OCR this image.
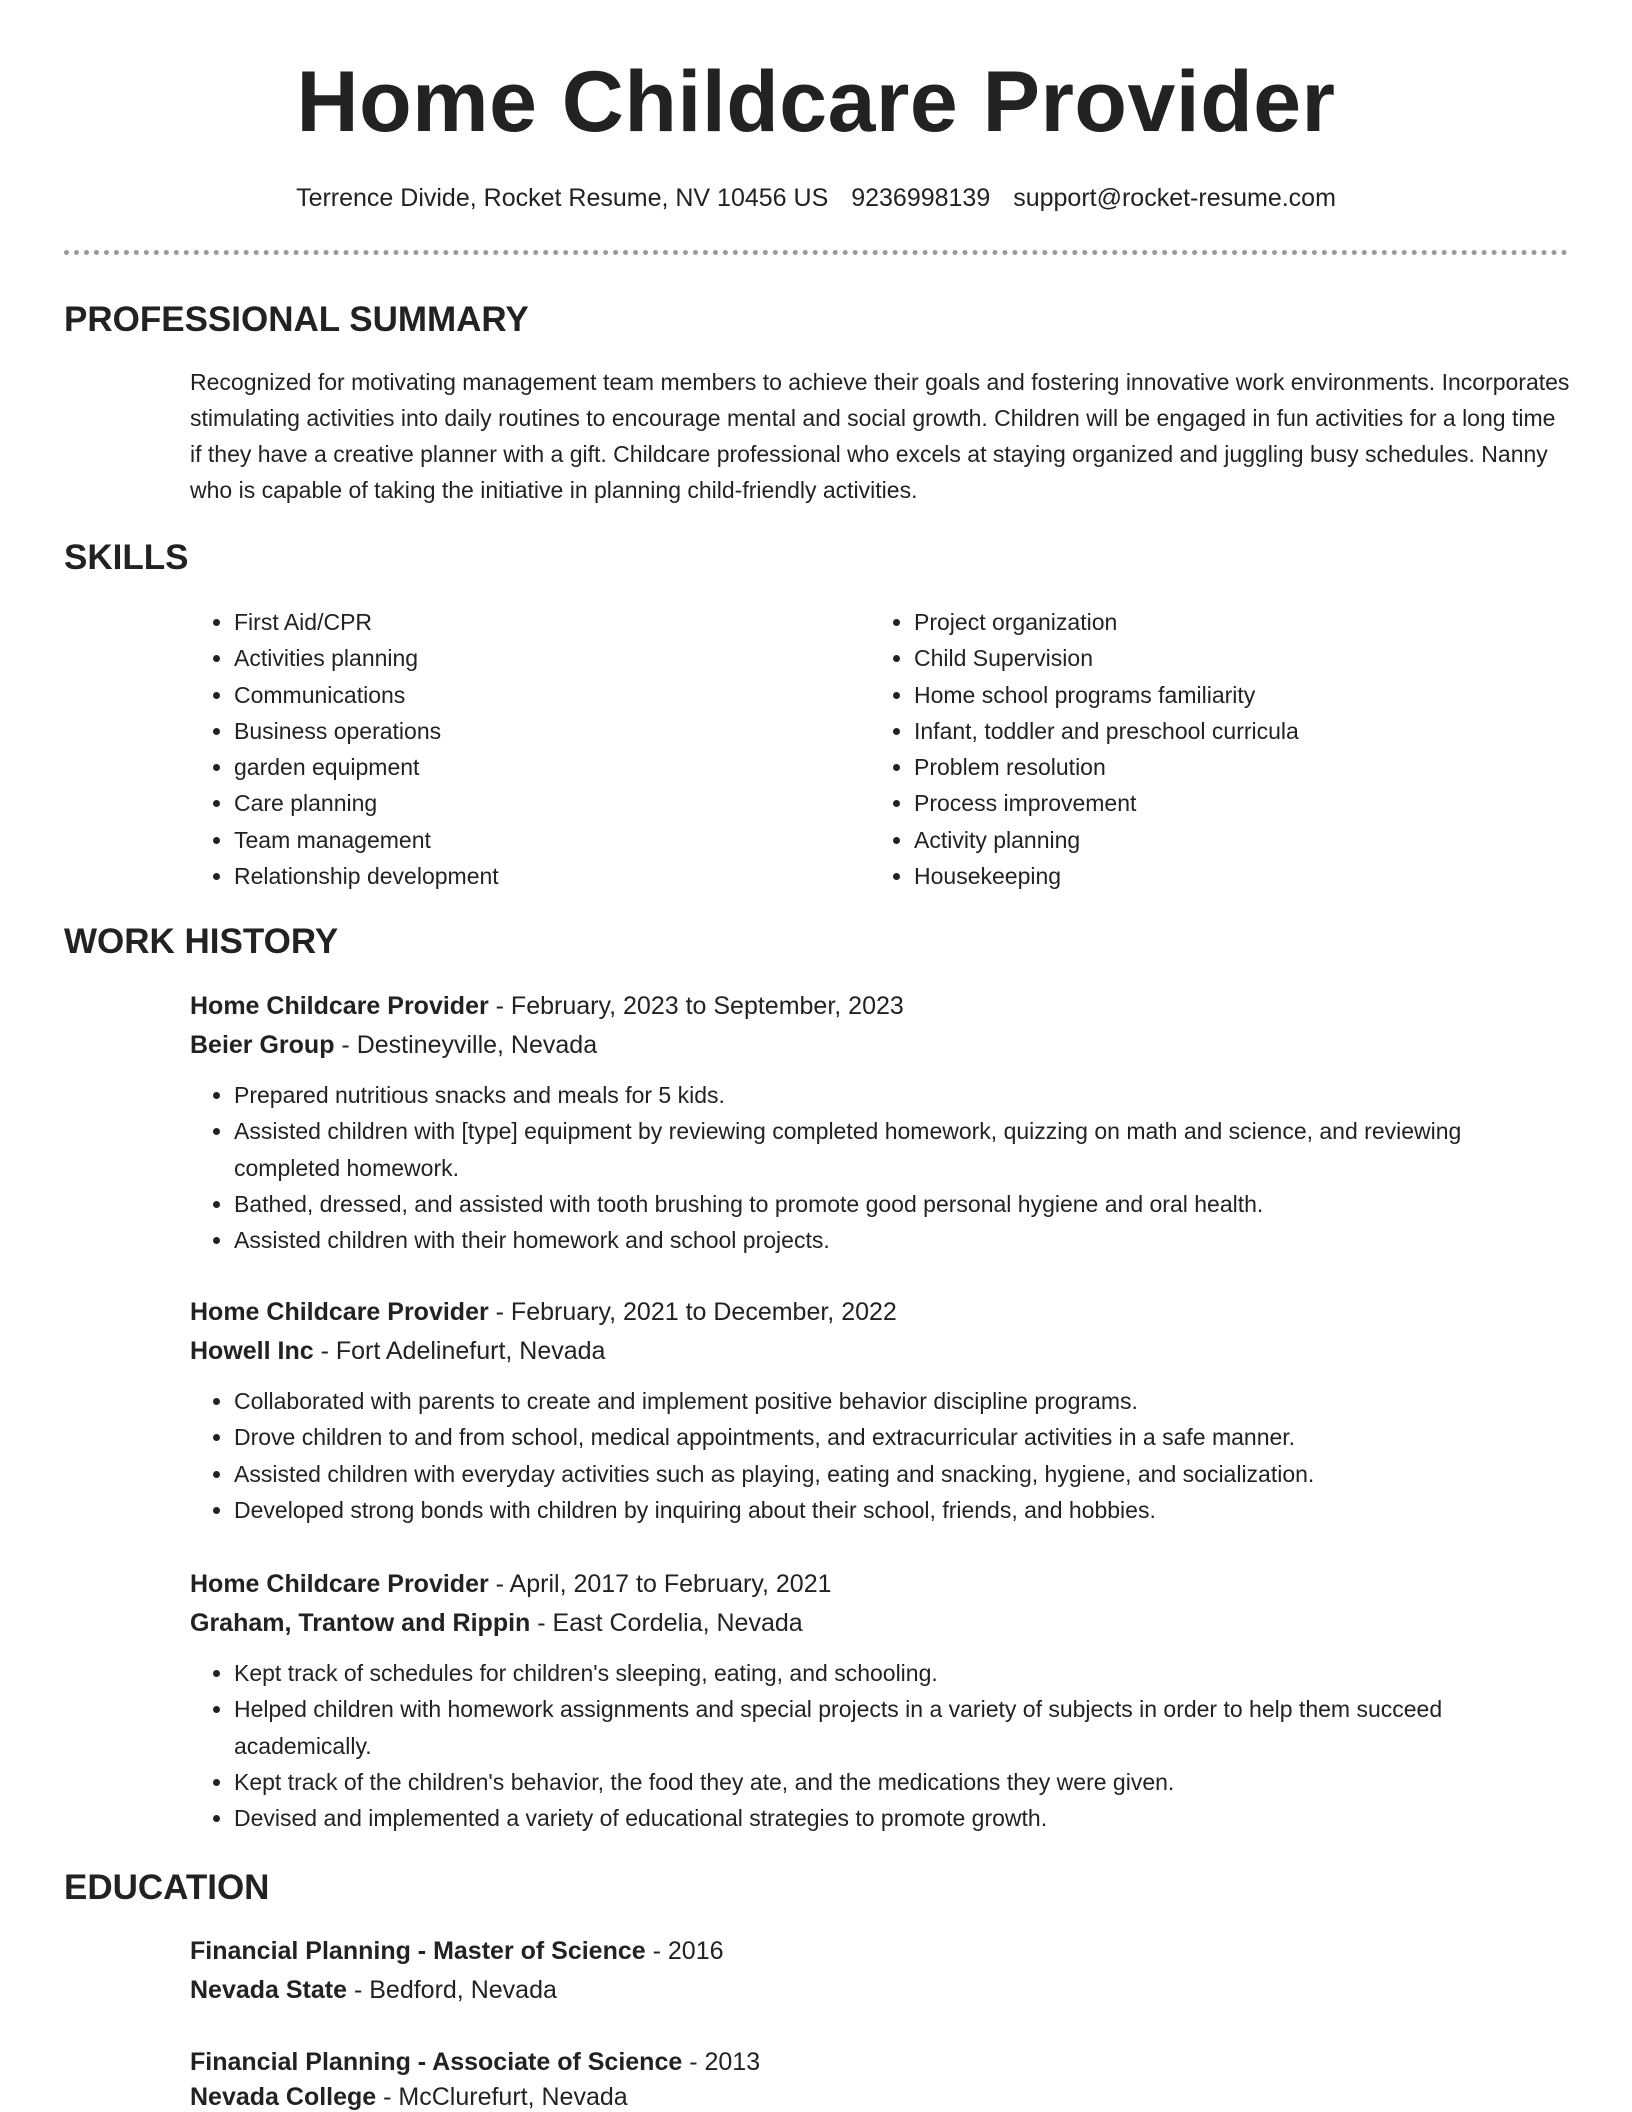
Home Childcare Provider
Terrence Divide, Rocket Resume, NV 10456 US 9236998139 support@rocket-resume.com
PROFESSIONAL SUMMARY

Recognized for motivating management team members to achieve their goals and fostering innovative work environments. Incorporates stimulating activities into daily routines to encourage mental and social growth. Children will be engaged in fun activities for a long time if they have a creative planner with a gift. Childcare professional who excels at staying organized and juggling busy schedules. Nanny who is capable of taking the initiative in planning child-friendly activities.

SKILLS
• First Aid/CPR
• Activities planning
• Communications
• Business operations
• garden equipment
• Care planning
• Team management
• Relationship development
• Project organization
• Child Supervision
• Home school programs familiarity
• Infant, toddler and preschool curricula
• Problem resolution
• Process improvement
• Activity planning
• Housekeeping
WORK HISTORY
Home Childcare Provider - February, 2023 to September, 2023
Beier Group - Destineyville, Nevada
• Prepared nutritious snacks and meals for 5 kids.
• Assisted children with [type] equipment by reviewing completed homework, quizzing on math and science, and reviewing completed homework.
• Bathed, dressed, and assisted with tooth brushing to promote good personal hygiene and oral health.
• Assisted children with their homework and school projects.
Home Childcare Provider - February, 2021 to December, 2022
Howell Inc - Fort Adelinefurt, Nevada
• Collaborated with parents to create and implement positive behavior discipline programs.
• Drove children to and from school, medical appointments, and extracurricular activities in a safe manner.
• Assisted children with everyday activities such as playing, eating and snacking, hygiene, and socialization.
• Developed strong bonds with children by inquiring about their school, friends, and hobbies.
Home Childcare Provider - April, 2017 to February, 2021
Graham, Trantow and Rippin - East Cordelia, Nevada
• Kept track of schedules for children's sleeping, eating, and schooling.
• Helped children with homework assignments and special projects in a variety of subjects in order to help them succeed academically.
• Kept track of the children's behavior, the food they ate, and the medications they were given.
• Devised and implemented a variety of educational strategies to promote growth.
EDUCATION
Financial Planning - Master of Science - 2016
Nevada State - Bedford, Nevada
Financial Planning - Associate of Science - 2013
Nevada College - McClurefurt, Nevada
